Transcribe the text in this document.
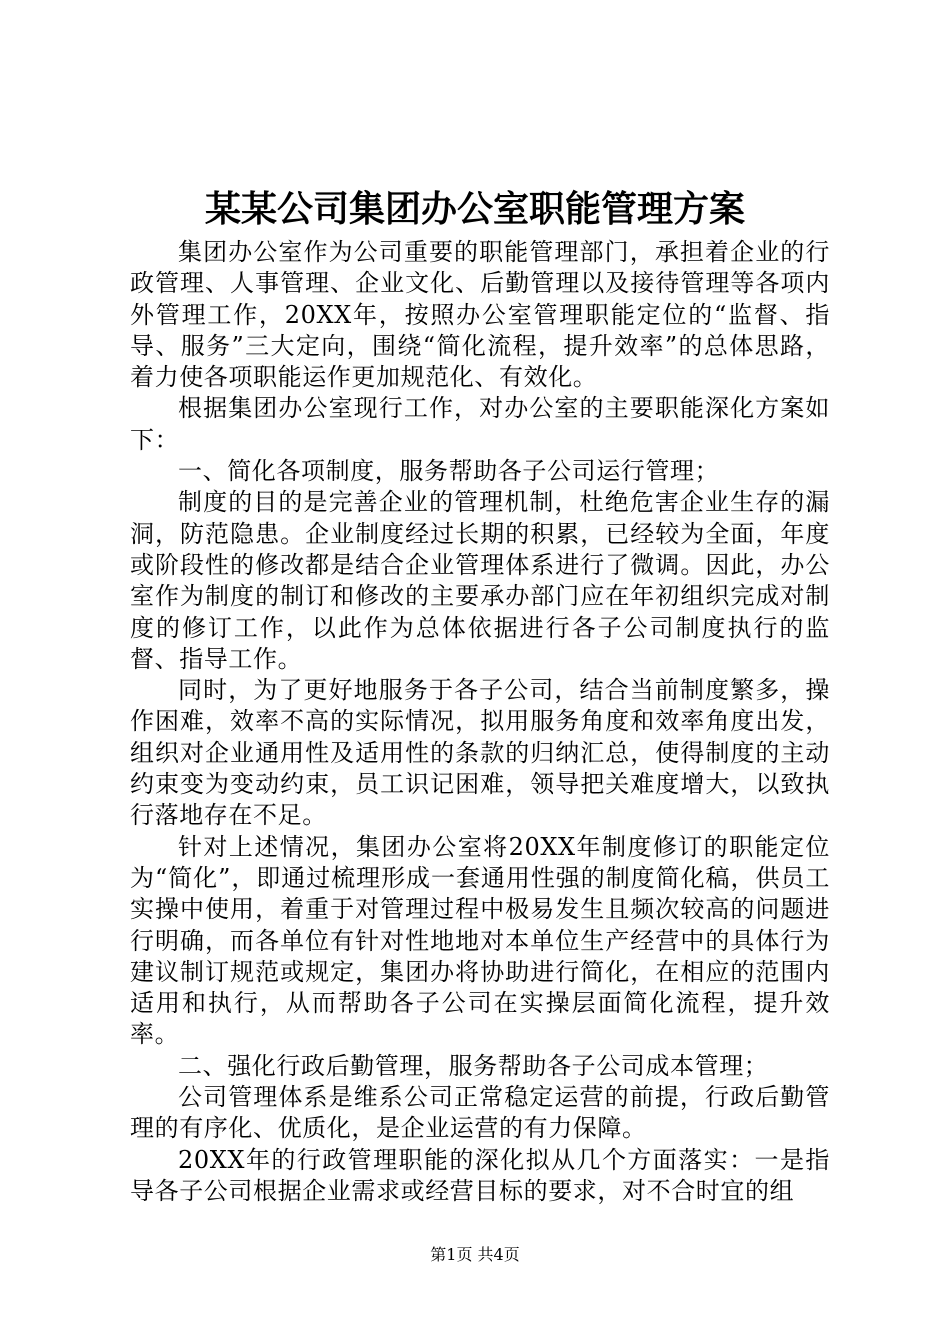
某某公司集团办公室职能管理方案

集团办公室作为公司重要的职能管理部门，承担着企业的行政管理、人事管理、企业文化、后勤管理以及接待管理等各项内外管理工作，20XX年，按照办公室管理职能定位的“监督、指导、服务”三大定向，围绕“简化流程，提升效率”的总体思路，着力使各项职能运作更加规范化、有效化。

根据集团办公室现行工作，对办公室的主要职能深化方案如下：

一、简化各项制度，服务帮助各子公司运行管理；

制度的目的是完善企业的管理机制，杜绝危害企业生存的漏洞，防范隐患。企业制度经过长期的积累，已经较为全面，年度或阶段性的修改都是结合企业管理体系进行了微调。因此，办公室作为制度的制订和修改的主要承办部门应在年初组织完成对制度的修订工作，以此作为总体依据进行各子公司制度执行的监督、指导工作。

同时，为了更好地服务于各子公司，结合当前制度繁多，操作困难，效率不高的实际情况，拟用服务角度和效率角度出发，组织对企业通用性及适用性的条款的归纳汇总，使得制度的主动约束变为变动约束，员工识记困难，领导把关难度增大，以致执行落地存在不足。

针对上述情况，集团办公室将20XX年制度修订的职能定位为“简化”，即通过梳理形成一套通用性强的制度简化稿，供员工实操中使用，着重于对管理过程中极易发生且频次较高的问题进行明确，而各单位有针对性地地对本单位生产经营中的具体行为建议制订规范或规定，集团办将协助进行简化，在相应的范围内适用和执行，从而帮助各子公司在实操层面简化流程，提升效率。

二、强化行政后勤管理，服务帮助各子公司成本管理；

公司管理体系是维系公司正常稳定运营的前提，行政后勤管理的有序化、优质化，是企业运营的有力保障。

20XX年的行政管理职能的深化拟从几个方面落实：一是指导各子公司根据企业需求或经营目标的要求，对不合时宜的组

第1页 共4页
